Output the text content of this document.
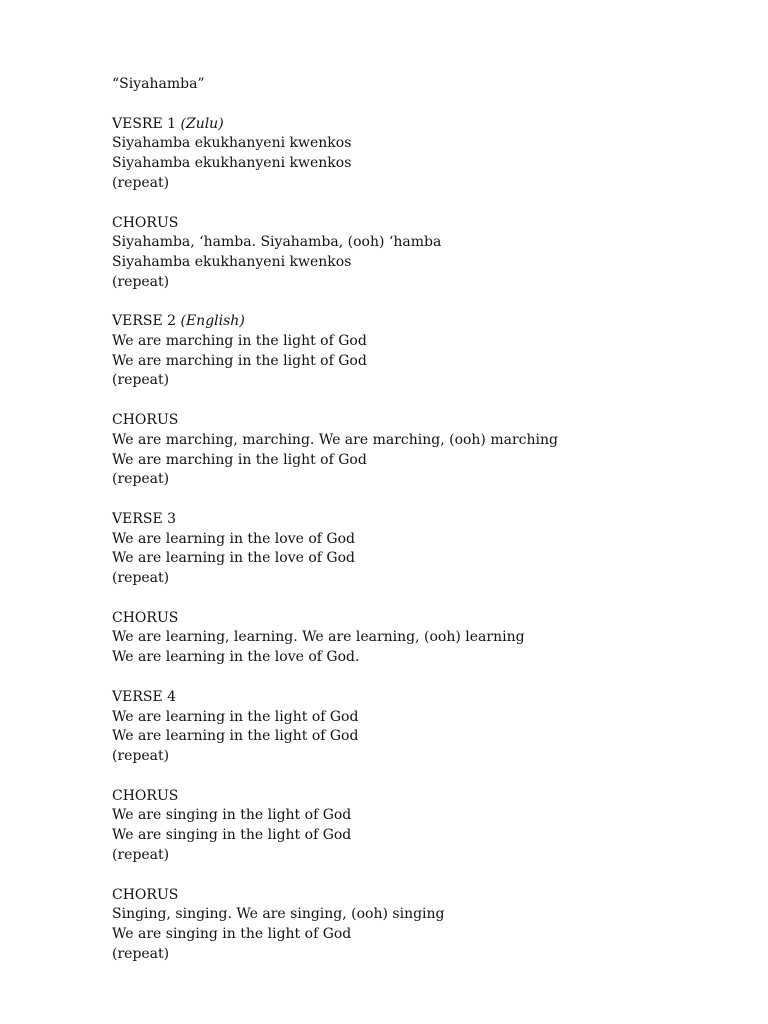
“Siyahamba”
VESRE 1 (Zulu)
Siyahamba ekukhanyeni kwenkos
Siyahamba ekukhanyeni kwenkos
(repeat)
CHORUS
Siyahamba, ‘hamba. Siyahamba, (ooh) ‘hamba
Siyahamba ekukhanyeni kwenkos
(repeat)
VERSE 2 (English)
We are marching in the light of God
We are marching in the light of God
(repeat)
CHORUS
We are marching, marching. We are marching, (ooh) marching
We are marching in the light of God
(repeat)
VERSE 3
We are learning in the love of God
We are learning in the love of God
(repeat)
CHORUS
We are learning, learning. We are learning, (ooh) learning
We are learning in the love of God.
VERSE 4
We are learning in the light of God
We are learning in the light of God
(repeat)
CHORUS
We are singing in the light of God
We are singing in the light of God
(repeat)
CHORUS
Singing, singing. We are singing, (ooh) singing
We are singing in the light of God
(repeat)
